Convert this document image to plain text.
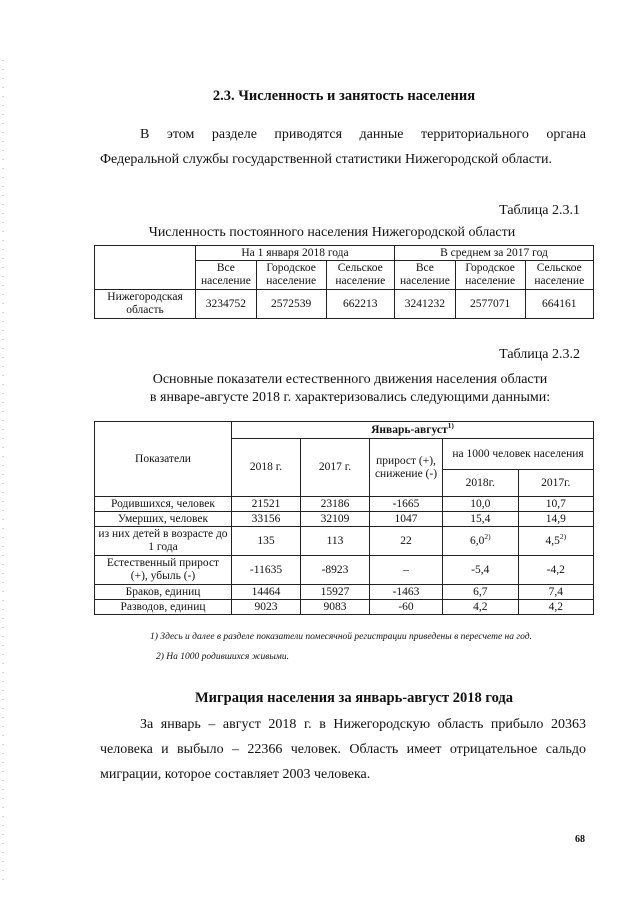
2.3. Численность и занятость населения
В этом разделе приводятся данные территориального органа
Федеральной службы государственной статистики Нижегородской области.
Таблица 2.3.1
Численность постоянного населения Нижегородской области
	На 1 января 2018 года			В среднем за 2017 год		
	Все население	Городское население	Сельское население	Все население	Городское население	Сельское население
Нижегородская область	3234752	2572539	662213	3241232	2577071	664161
Таблица 2.3.2
Основные показатели естественного движения населения области
в январе-августе 2018 г. характеризовались следующими данными:
Показатели	Январь-август$^{1)}$
	2018 г.	2017 г.	прирост (+), снижение (-)	на 1000 человек населения	
				2018г.	2017г.
Родившихся, человек	21521	23186	-1665	10,0	10,7
Умерших, человек	33156	32109	1047	15,4	14,9
из них детей в возрасте до 1 года	135	113	22	6,0$^{2)}$	4,5$^{2)}$
Естественный прирост (+), убыль (-)	-11635	-8923	–	-5,4	-4,2
Браков, единиц	14464	15927	-1463	6,7	7,4
Разводов, единиц	9023	9083	-60	4,2	4,2
1) Здесь и далее в разделе показатели помесячной регистрации приведены в пересчете на год.
2) На 1000 родившихся живыми.
Миграция населения за январь-август 2018 года
За январь – август 2018 г. в Нижегородскую область прибыло 20363
человека и выбыло – 22366 человек. Область имеет отрицательное сальдо
миграции, которое составляет 2003 человека.
68
